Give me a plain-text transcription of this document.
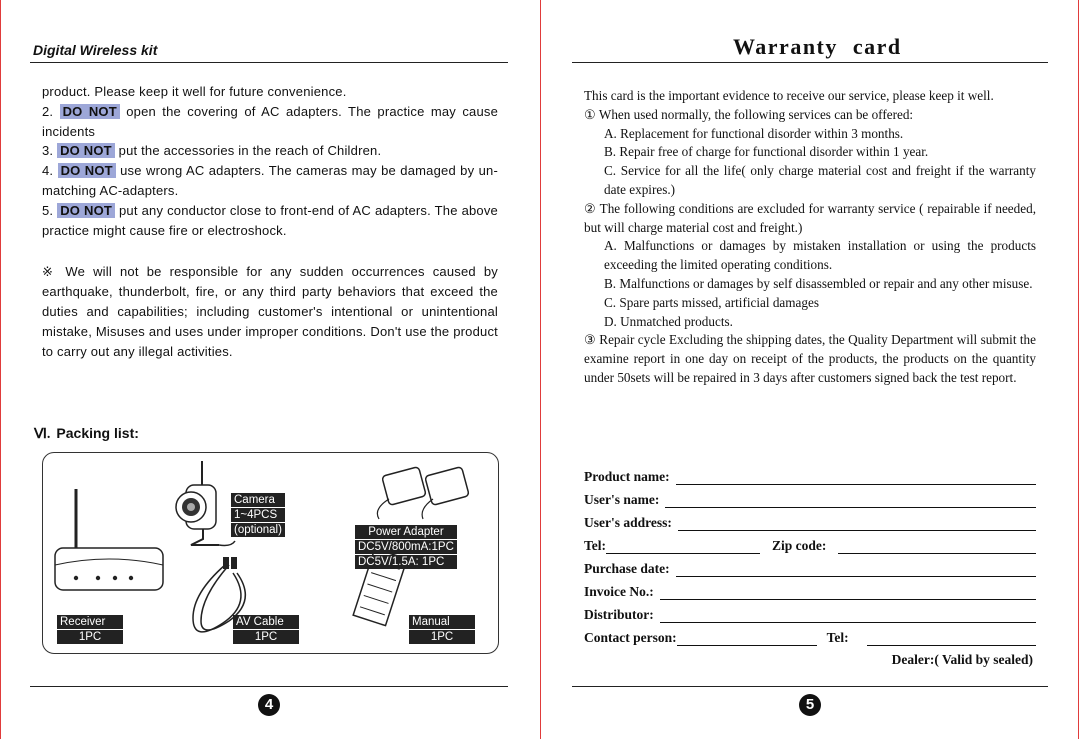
Digital Wireless kit

product. Please keep it well for future convenience.

2. DO NOT open the covering of AC adapters. The practice may cause incidents

3. DO NOT put the accessories in the reach of Children.

4. DO NOT use wrong AC adapters. The cameras may be damaged by un-matching AC-adapters.

5. DO NOT put any conductor close to front-end of AC adapters. The above practice might cause fire or electroshock.

※ We will not be responsible for any sudden occurrences caused by earthquake, thunderbolt, fire, or any third party behaviors that exceed the duties and capabilities; including customer's intentional or unintentional mistake, Misuses and uses under improper conditions. Don't use the product to carry out any illegal activities.

Ⅵ. Packing list:
Camera
1~4PCS
(optional)	Power Adapter
DC5V/800mA:1PC
DC5V/1.5A: 1PC
Receiver
1PC
AV Cable
1PC
Manual
1PC
4
Warranty card

This card is the important evidence to receive our service, please keep it well.

① When used normally, the following services can be offered:

A. Replacement for functional disorder within 3 months.

B. Repair free of charge for functional disorder within 1 year.

C. Service for all the life( only charge material cost and freight if the warranty date expires.)

② The following conditions are excluded for warranty service ( repairable if needed, but will charge material cost and freight.)

A. Malfunctions or damages by mistaken installation or using the products exceeding the limited operating conditions.

B. Malfunctions or damages by self disassembled or repair and any other misuse.

C. Spare parts missed, artificial damages

D. Unmatched products.

③ Repair cycle Excluding the shipping dates, the Quality Department will submit the examine report in one day on receipt of the products, the products on the quantity under 50sets will be repaired in 3 days after customers signed back the test report.

Product name:
User's name:
User's address:
Tel:	Zip code:
Purchase date:
Invoice No.:
Distributor:
Contact person:	Tel:
Dealer:( Valid by sealed)
5
